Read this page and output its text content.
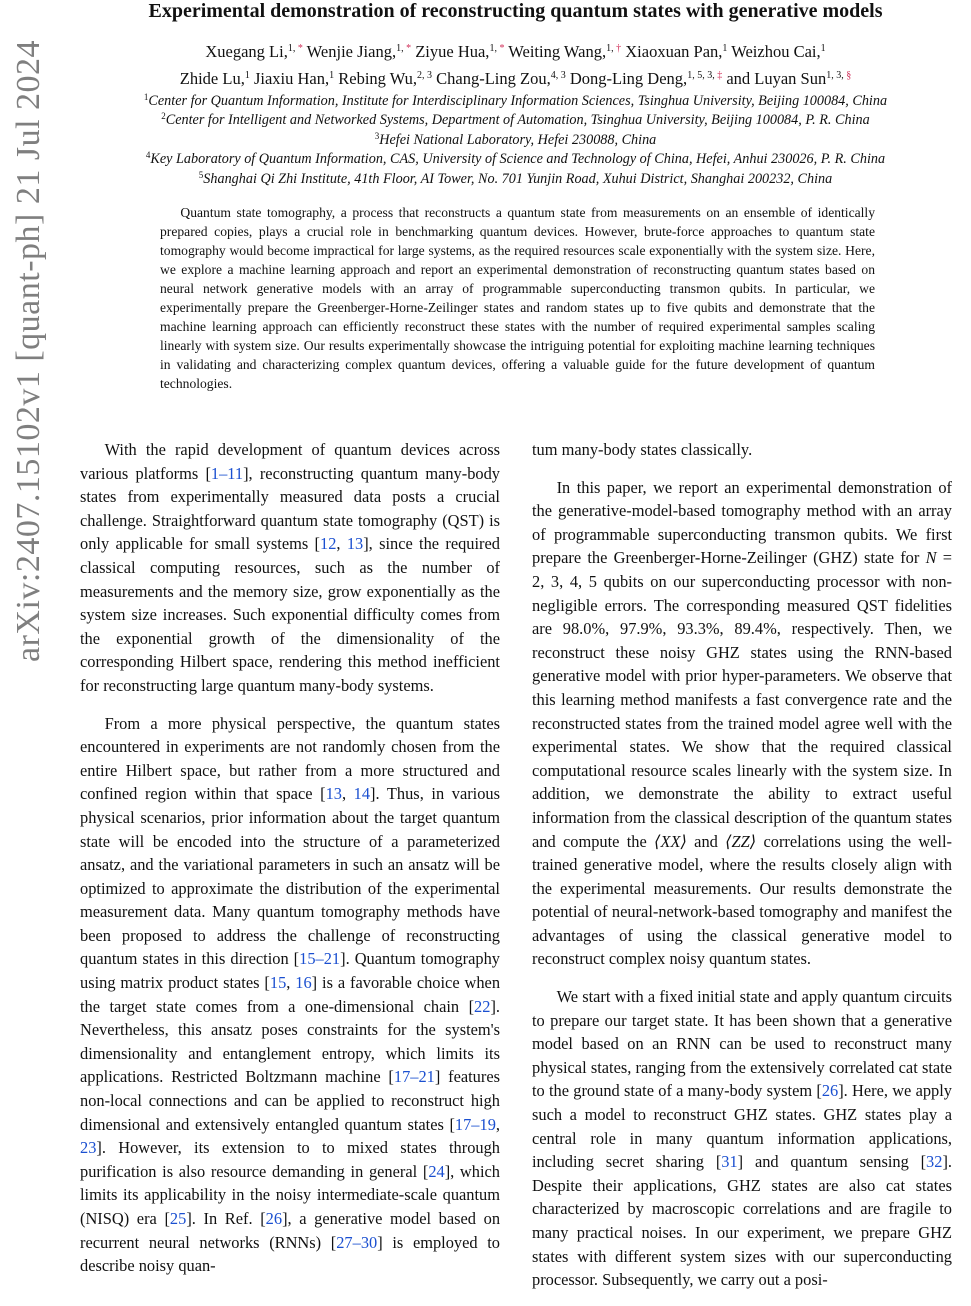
arXiv:2407.15102v1 [quant-ph] 21 Jul 2024
Experimental demonstration of reconstructing quantum states with generative models
Xuegang Li,$^{1, *}$ Wenjie Jiang,$^{1, *}$ Ziyue Hua,$^{1, *}$ Weiting Wang,$^{1, \dagger}$ Xiaoxuan Pan,$^1$ Weizhou Cai,$^1$
Zhide Lu,$^1$ Jiaxiu Han,$^1$ Rebing Wu,$^{2, 3}$ Chang-Ling Zou,$^{4, 3}$ Dong-Ling Deng,$^{1, 5, 3, \ddagger}$ and Luyan Sun$^{1, 3, \S}$
$^1$Center for Quantum Information, Institute for Interdisciplinary Information Sciences, Tsinghua University, Beijing 100084, China
$^2$Center for Intelligent and Networked Systems, Department of Automation, Tsinghua University, Beijing 100084, P. R. China
$^3$Hefei National Laboratory, Hefei 230088, China
$^4$Key Laboratory of Quantum Information, CAS, University of Science and Technology of China, Hefei, Anhui 230026, P. R. China
$^5$Shanghai Qi Zhi Institute, 41th Floor, AI Tower, No. 701 Yunjin Road, Xuhui District, Shanghai 200232, China

Quantum state tomography, a process that reconstructs a quantum state from measurements on an ensemble of identically prepared copies, plays a crucial role in benchmarking quantum devices. However, brute-force approaches to quantum state tomography would become impractical for large systems, as the required resources scale exponentially with the system size. Here, we explore a machine learning approach and report an experimental demonstration of reconstructing quantum states based on neural network generative models with an array of programmable superconducting transmon qubits. In particular, we experimentally prepare the Greenberger-Horne-Zeilinger states and random states up to five qubits and demonstrate that the machine learning approach can efficiently reconstruct these states with the number of required experimental samples scaling linearly with system size. Our results experimentally showcase the intriguing potential for exploiting machine learning techniques in validating and characterizing complex quantum devices, offering a valuable guide for the future development of quantum technologies.

With the rapid development of quantum devices across various platforms [1–11], reconstructing quantum many-body states from experimentally measured data posts a crucial challenge. Straightforward quantum state tomography (QST) is only applicable for small systems [12, 13], since the required classical computing resources, such as the number of measurements and the memory size, grow exponentially as the system size increases. Such exponential difficulty comes from the exponential growth of the dimensionality of the corresponding Hilbert space, rendering this method inefficient for reconstructing large quantum many-body systems.

From a more physical perspective, the quantum states encountered in experiments are not randomly chosen from the entire Hilbert space, but rather from a more structured and confined region within that space [13, 14]. Thus, in various physical scenarios, prior information about the target quantum state will be encoded into the structure of a parameterized ansatz, and the variational parameters in such an ansatz will be optimized to approximate the distribution of the experimental measurement data. Many quantum tomography methods have been proposed to address the challenge of reconstructing quantum states in this direction [15–21]. Quantum tomography using matrix product states [15, 16] is a favorable choice when the target state comes from a one-dimensional chain [22]. Nevertheless, this ansatz poses constraints for the system's dimensionality and entanglement entropy, which limits its applications. Restricted Boltzmann machine [17–21] features non-local connections and can be applied to reconstruct high dimensional and extensively entangled quantum states [17–19, 23]. However, its extension to to mixed states through purification is also resource demanding in general [24], which limits its applicability in the noisy intermediate-scale quantum (NISQ) era [25]. In Ref. [26], a generative model based on recurrent neural networks (RNNs) [27–30] is employed to describe noisy quan-

tum many-body states classically.

In this paper, we report an experimental demonstration of the generative-model-based tomography method with an array of programmable superconducting transmon qubits. We first prepare the Greenberger-Horne-Zeilinger (GHZ) state for N = 2, 3, 4, 5 qubits on our superconducting processor with non-negligible errors. The corresponding measured QST fidelities are 98.0%, 97.9%, 93.3%, 89.4%, respectively. Then, we reconstruct these noisy GHZ states using the RNN-based generative model with prior hyper-parameters. We observe that this learning method manifests a fast convergence rate and the reconstructed states from the trained model agree well with the experimental states. We show that the required classical computational resource scales linearly with the system size. In addition, we demonstrate the ability to extract useful information from the classical description of the quantum states and compute the ⟨XX⟩ and ⟨ZZ⟩ correlations using the well-trained generative model, where the results closely align with the experimental measurements. Our results demonstrate the potential of neural-network-based tomography and manifest the advantages of using the classical generative model to reconstruct complex noisy quantum states.

We start with a fixed initial state and apply quantum circuits to prepare our target state. It has been shown that a generative model based on an RNN can be used to reconstruct many physical states, ranging from the extensively correlated cat state to the ground state of a many-body system [26]. Here, we apply such a model to reconstruct GHZ states. GHZ states play a central role in many quantum information applications, including secret sharing [31] and quantum sensing [32]. Despite their applications, GHZ states are also cat states characterized by macroscopic correlations and are fragile to many practical noises. In our experiment, we prepare GHZ states with different system sizes with our superconducting processor. Subsequently, we carry out a posi-
